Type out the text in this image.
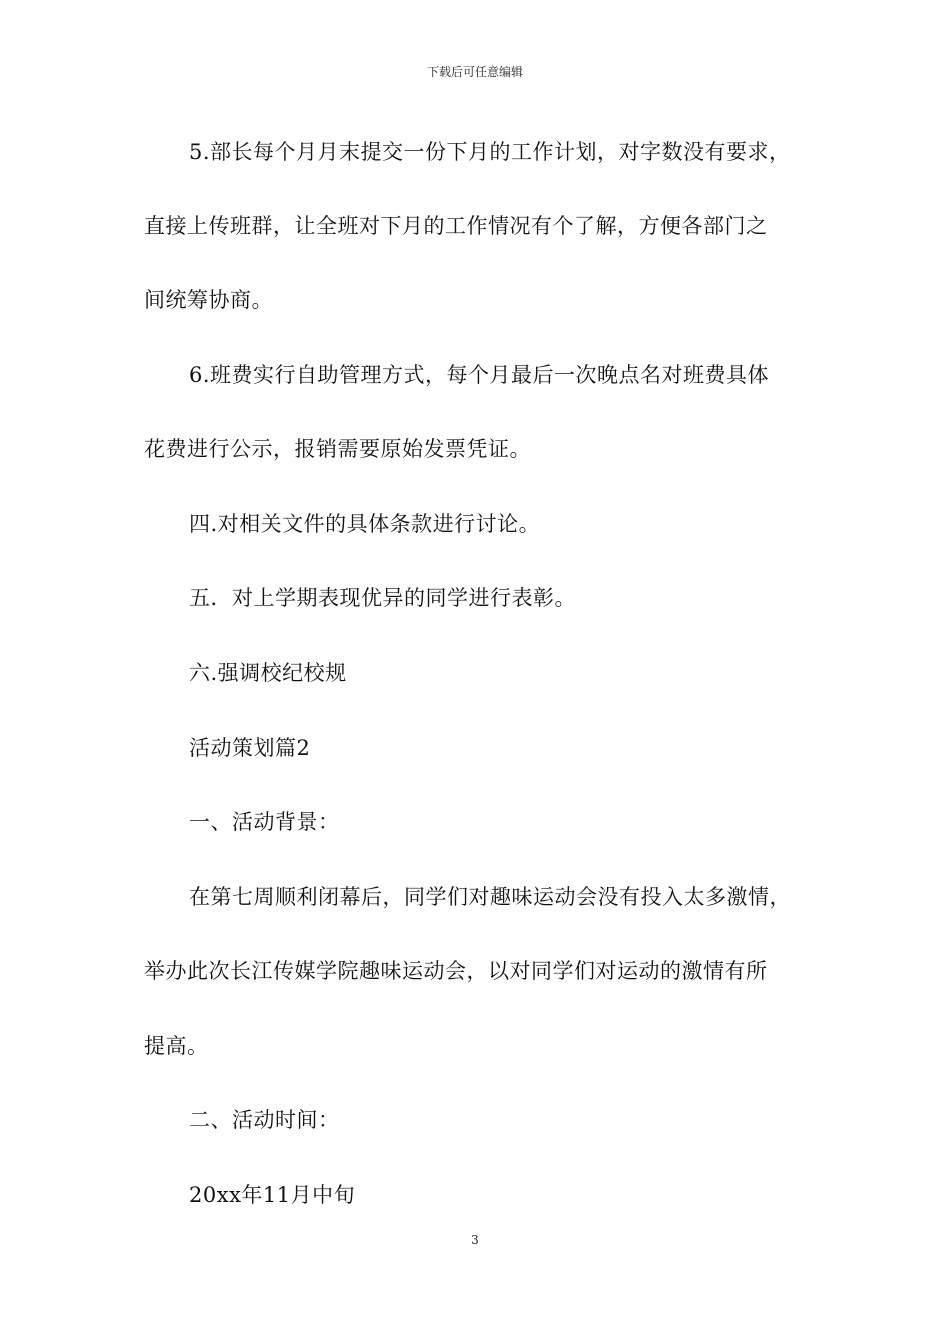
下载后可任意编辑
5.部长每个月月末提交一份下月的工作计划，对字数没有要求，
直接上传班群，让全班对下月的工作情况有个了解，方便各部门之
间统筹协商。
6.班费实行自助管理方式，每个月最后一次晚点名对班费具体
花费进行公示，报销需要原始发票凭证。
四.对相关文件的具体条款进行讨论。
五．对上学期表现优异的同学进行表彰。
六.强调校纪校规
活动策划篇2
一、活动背景：
在第七周顺利闭幕后，同学们对趣味运动会没有投入太多激情，
举办此次长江传媒学院趣味运动会，以对同学们对运动的激情有所
提高。
二、活动时间：
20xx年11月中旬
3
